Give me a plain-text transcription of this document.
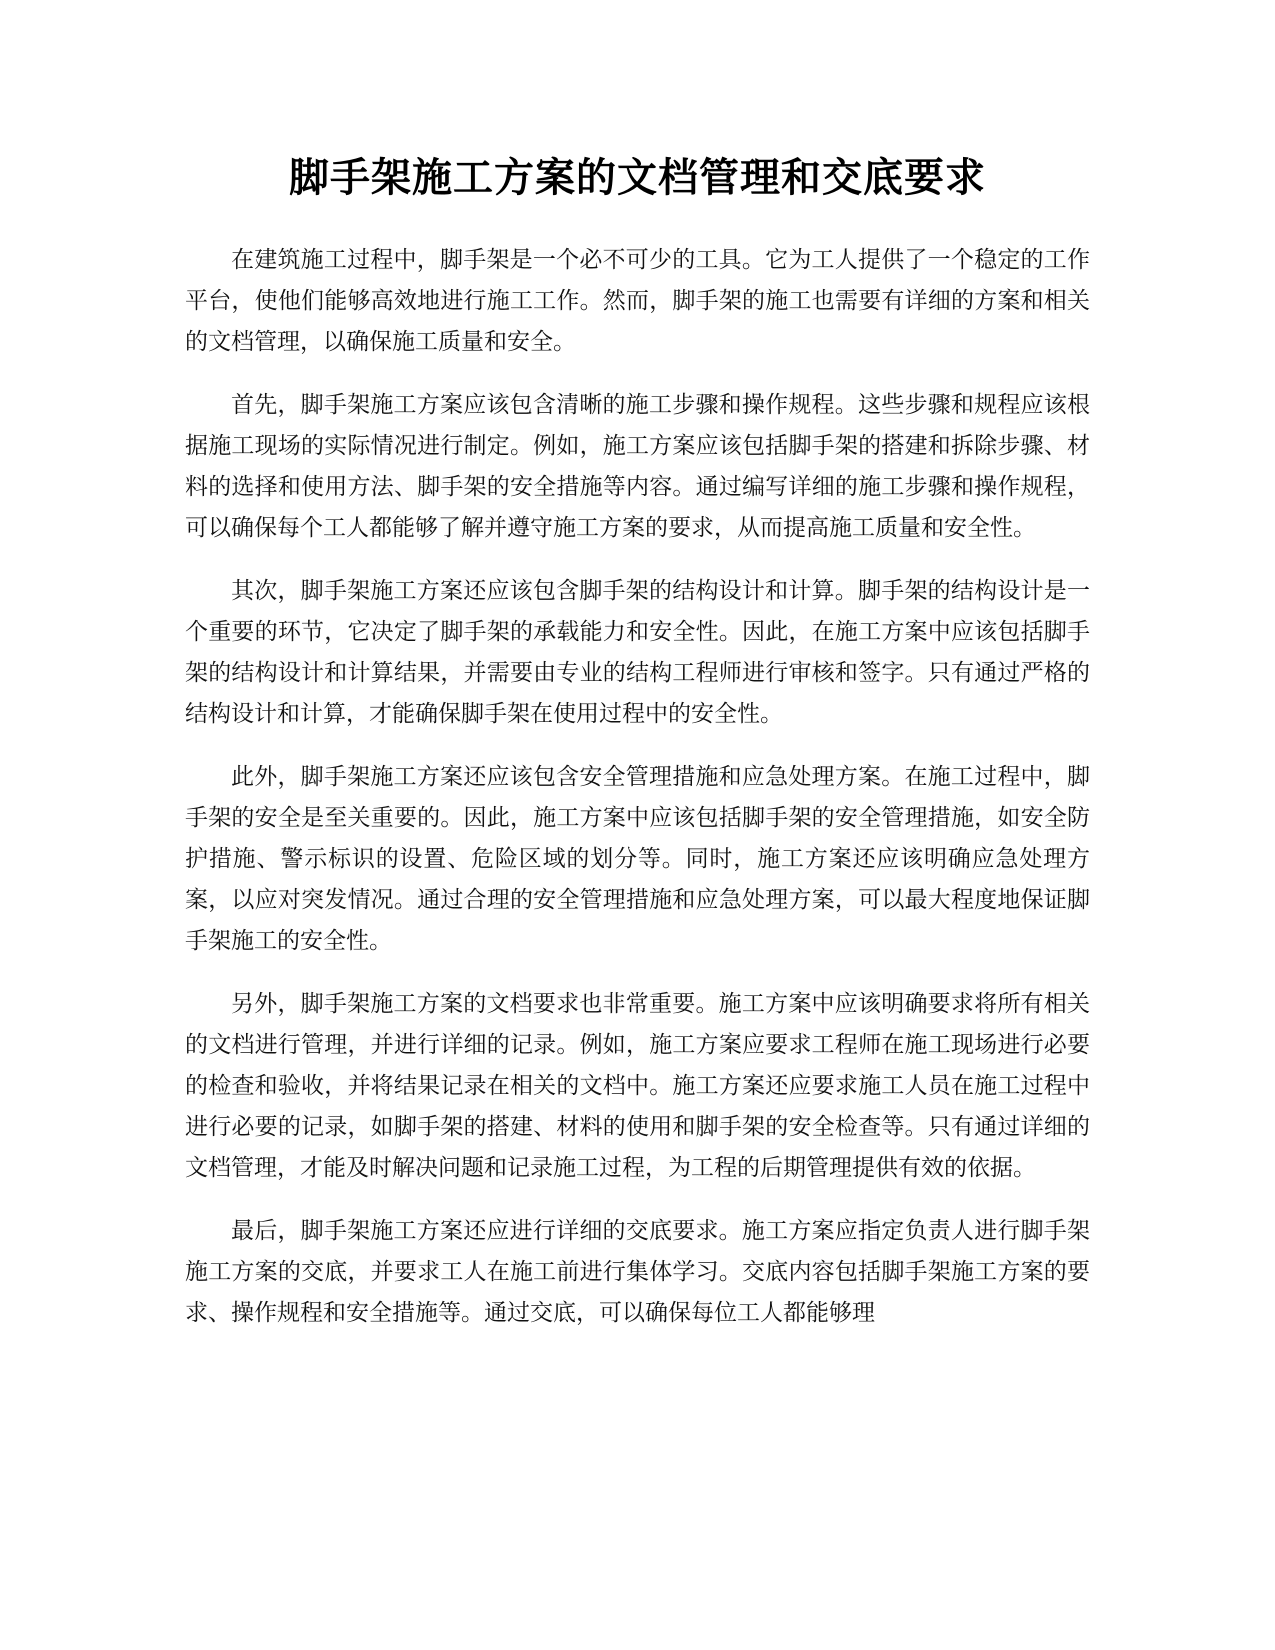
脚手架施工方案的文档管理和交底要求

在建筑施工过程中，脚手架是一个必不可少的工具。它为工人提供了一个稳定的工作平台，使他们能够高效地进行施工工作。然而，脚手架的施工也需要有详细的方案和相关的文档管理，以确保施工质量和安全。

首先，脚手架施工方案应该包含清晰的施工步骤和操作规程。这些步骤和规程应该根据施工现场的实际情况进行制定。例如，施工方案应该包括脚手架的搭建和拆除步骤、材料的选择和使用方法、脚手架的安全措施等内容。通过编写详细的施工步骤和操作规程，可以确保每个工人都能够了解并遵守施工方案的要求，从而提高施工质量和安全性。

其次，脚手架施工方案还应该包含脚手架的结构设计和计算。脚手架的结构设计是一个重要的环节，它决定了脚手架的承载能力和安全性。因此，在施工方案中应该包括脚手架的结构设计和计算结果，并需要由专业的结构工程师进行审核和签字。只有通过严格的结构设计和计算，才能确保脚手架在使用过程中的安全性。

此外，脚手架施工方案还应该包含安全管理措施和应急处理方案。在施工过程中，脚手架的安全是至关重要的。因此，施工方案中应该包括脚手架的安全管理措施，如安全防护措施、警示标识的设置、危险区域的划分等。同时，施工方案还应该明确应急处理方案，以应对突发情况。通过合理的安全管理措施和应急处理方案，可以最大程度地保证脚手架施工的安全性。

另外，脚手架施工方案的文档要求也非常重要。施工方案中应该明确要求将所有相关的文档进行管理，并进行详细的记录。例如，施工方案应要求工程师在施工现场进行必要的检查和验收，并将结果记录在相关的文档中。施工方案还应要求施工人员在施工过程中进行必要的记录，如脚手架的搭建、材料的使用和脚手架的安全检查等。只有通过详细的文档管理，才能及时解决问题和记录施工过程，为工程的后期管理提供有效的依据。

最后，脚手架施工方案还应进行详细的交底要求。施工方案应指定负责人进行脚手架施工方案的交底，并要求工人在施工前进行集体学习。交底内容包括脚手架施工方案的要求、操作规程和安全措施等。通过交底，可以确保每位工人都能够理
